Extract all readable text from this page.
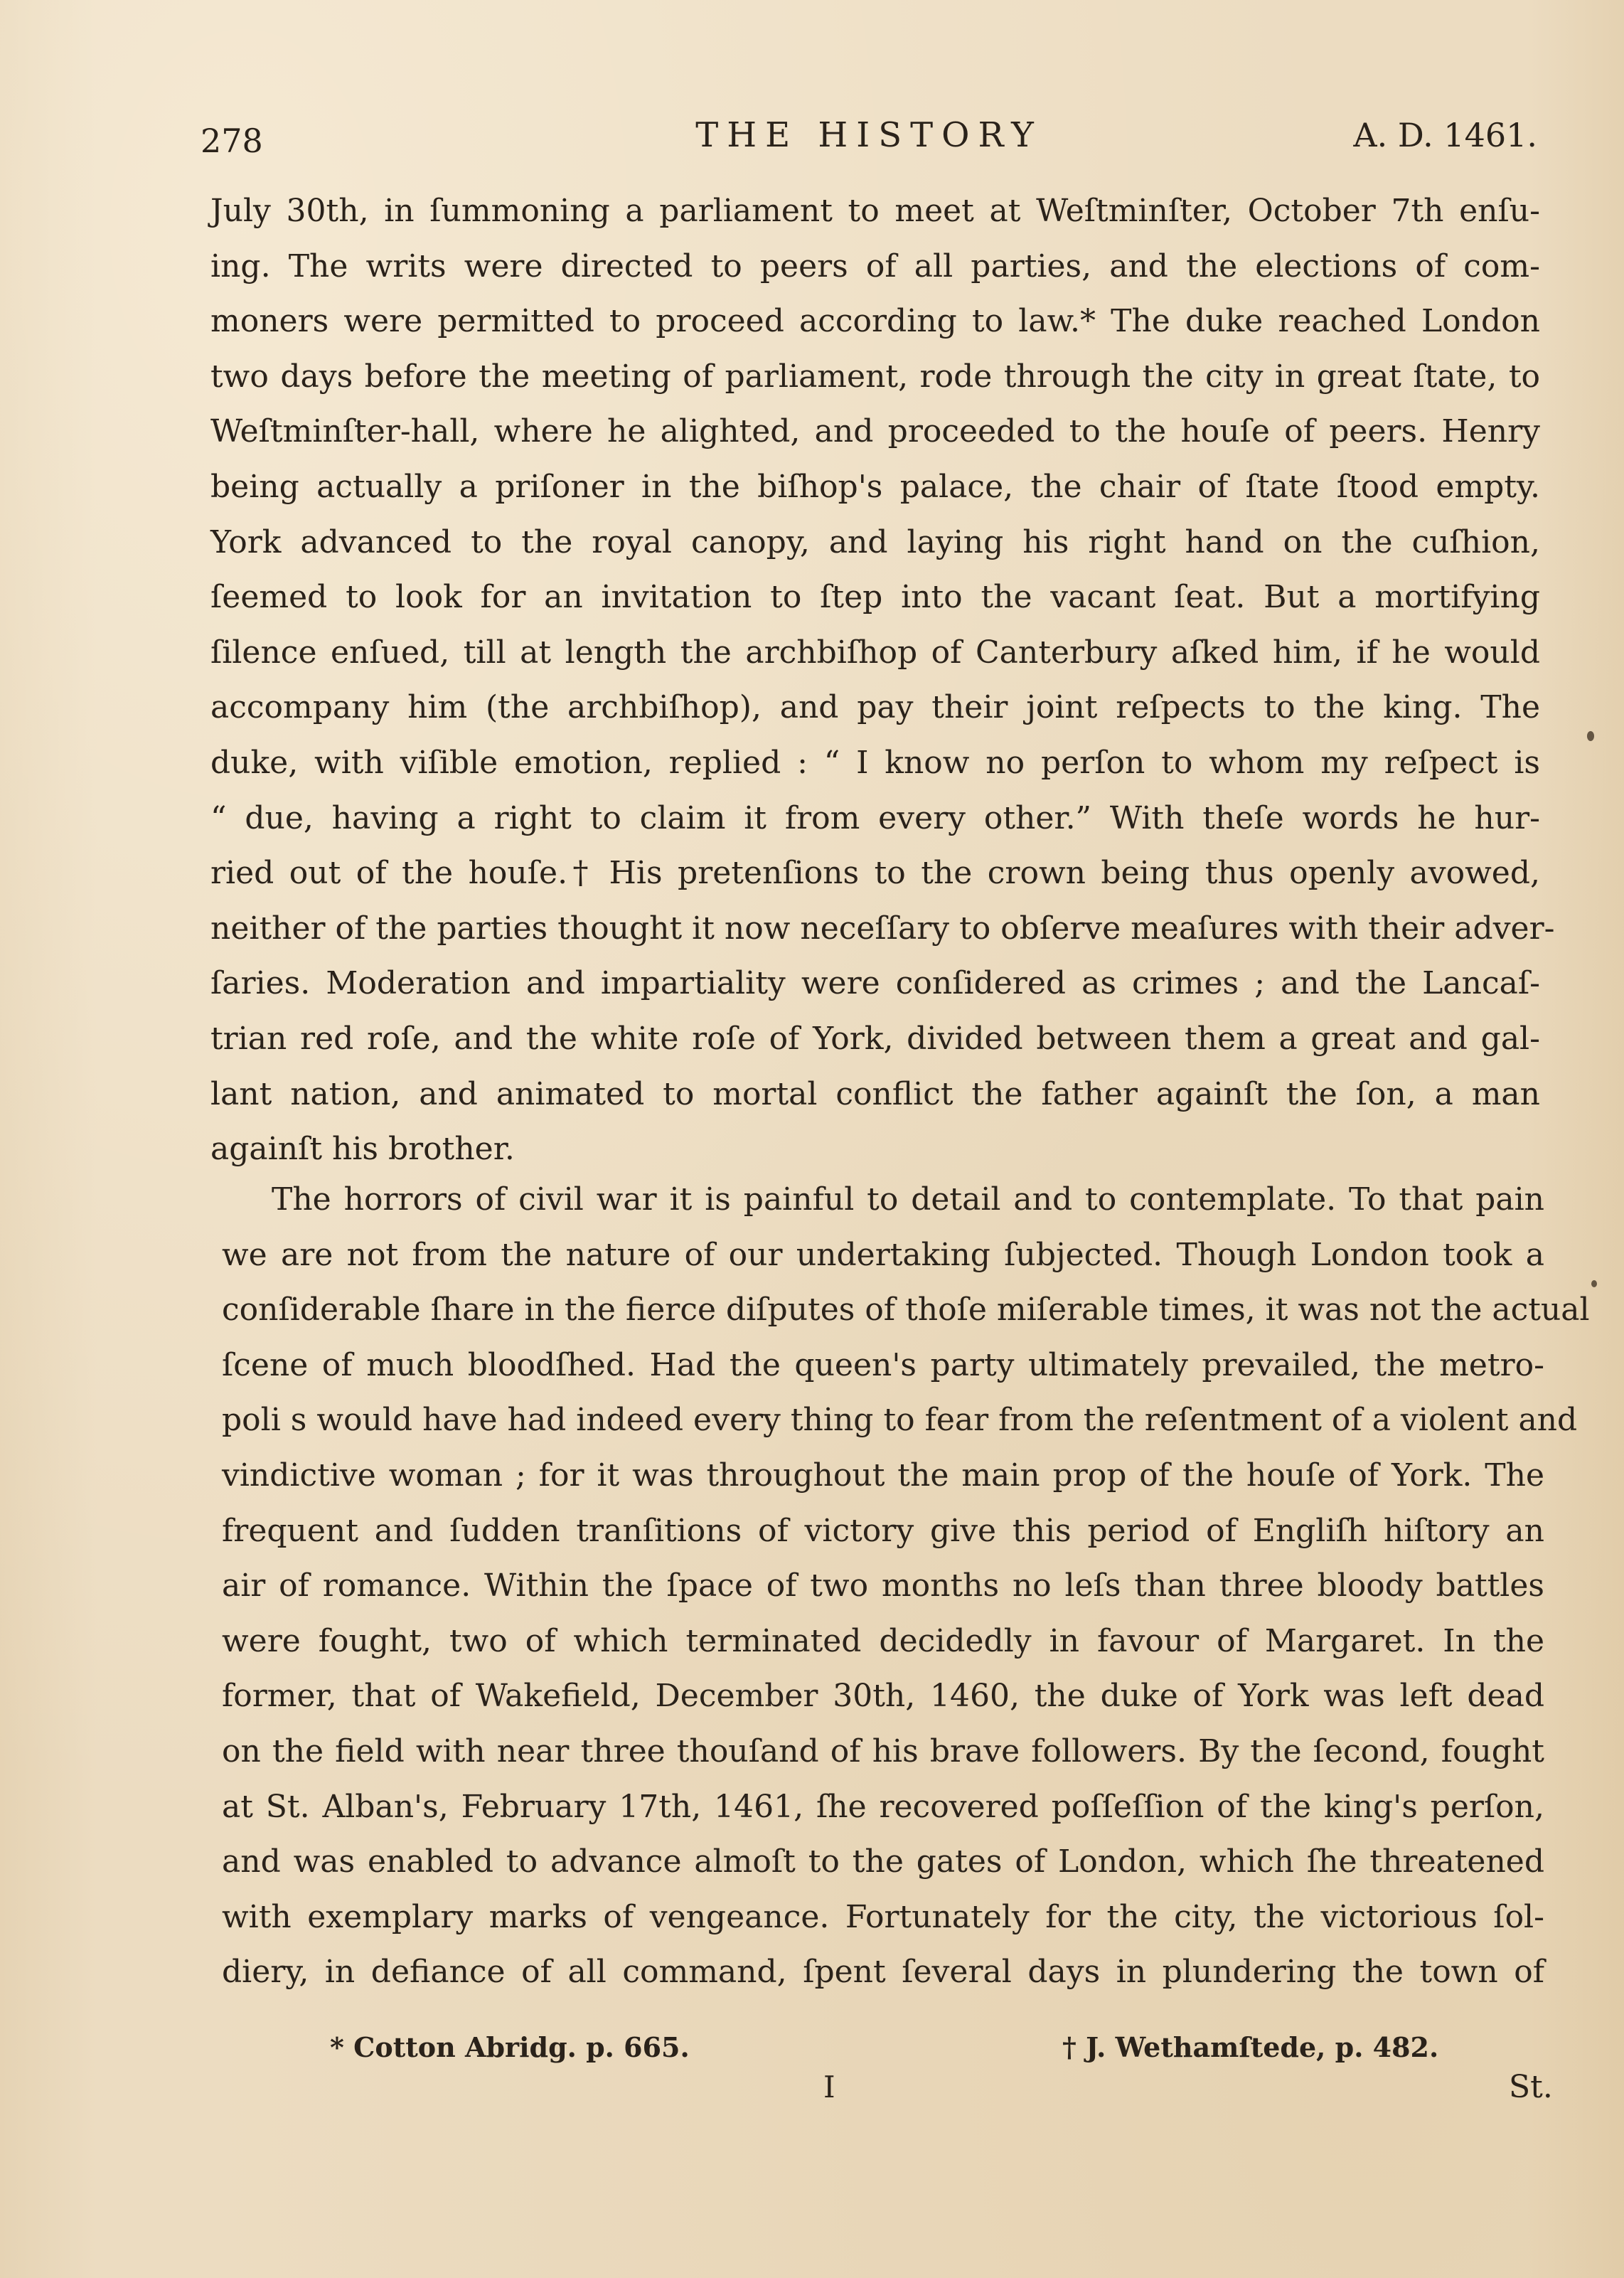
278	THE HISTORY	A. D. 1461.
July 30th, in ſummoning a parliament to meet at Weſtminſter, October 7th enſu-
ing. The writs were directed to peers of all parties, and the elections of com-
moners were permitted to proceed according to law.* The duke reached London
two days before the meeting of parliament, rode through the city in great ſtate, to
Weſtminſter-hall, where he alighted, and proceeded to the houſe of peers. Henry
being actually a priſoner in the biſhop's palace, the chair of ſtate ſtood empty.
York advanced to the royal canopy, and laying his right hand on the cuſhion,
ſeemed to look for an invitation to ſtep into the vacant ſeat. But a mortifying
ſilence enſued, till at length the archbiſhop of Canterbury aſked him, if he would
accompany him (the archbiſhop), and pay their joint reſpects to the king. The
duke, with viſible emotion, replied : “ I know no perſon to whom my reſpect is
“ due, having a right to claim it from every other.” With theſe words he hur-
ried out of the houſe.† His pretenſions to the crown being thus openly avowed,
neither of the parties thought it now neceſſary to obſerve meaſures with their adver-
ſaries. Moderation and impartiality were conſidered as crimes ; and the Lancaſ-
trian red roſe, and the white roſe of York, divided between them a great and gal-
lant nation, and animated to mortal conflict the father againſt the ſon, a man
againſt his brother.
The horrors of civil war it is painful to detail and to contemplate. To that pain
we are not from the nature of our undertaking ſubjected. Though London took a
conſiderable ſhare in the fierce diſputes of thoſe miſerable times, it was not the actual
ſcene of much bloodſhed. Had the queen's party ultimately prevailed, the metro-
poli s would have had indeed every thing to fear from the reſentment of a violent and
vindictive woman ; for it was throughout the main prop of the houſe of York. The
frequent and ſudden tranſitions of victory give this period of Engliſh hiſtory an
air of romance. Within the ſpace of two months no leſs than three bloody battles
were fought, two of which terminated decidedly in favour of Margaret. In the
former, that of Wakefield, December 30th, 1460, the duke of York was left dead
on the field with near three thouſand of his brave followers. By the ſecond, fought
at St. Alban's, February 17th, 1461, ſhe recovered poſſeſſion of the king's perſon,
and was enabled to advance almoſt to the gates of London, which ſhe threatened
with exemplary marks of vengeance. Fortunately for the city, the victorious ſol-
diery, in defiance of all command, ſpent ſeveral days in plundering the town of
* Cotton Abridg. p. 665.	† J. Wethamſtede, p. 482.
I	St.
